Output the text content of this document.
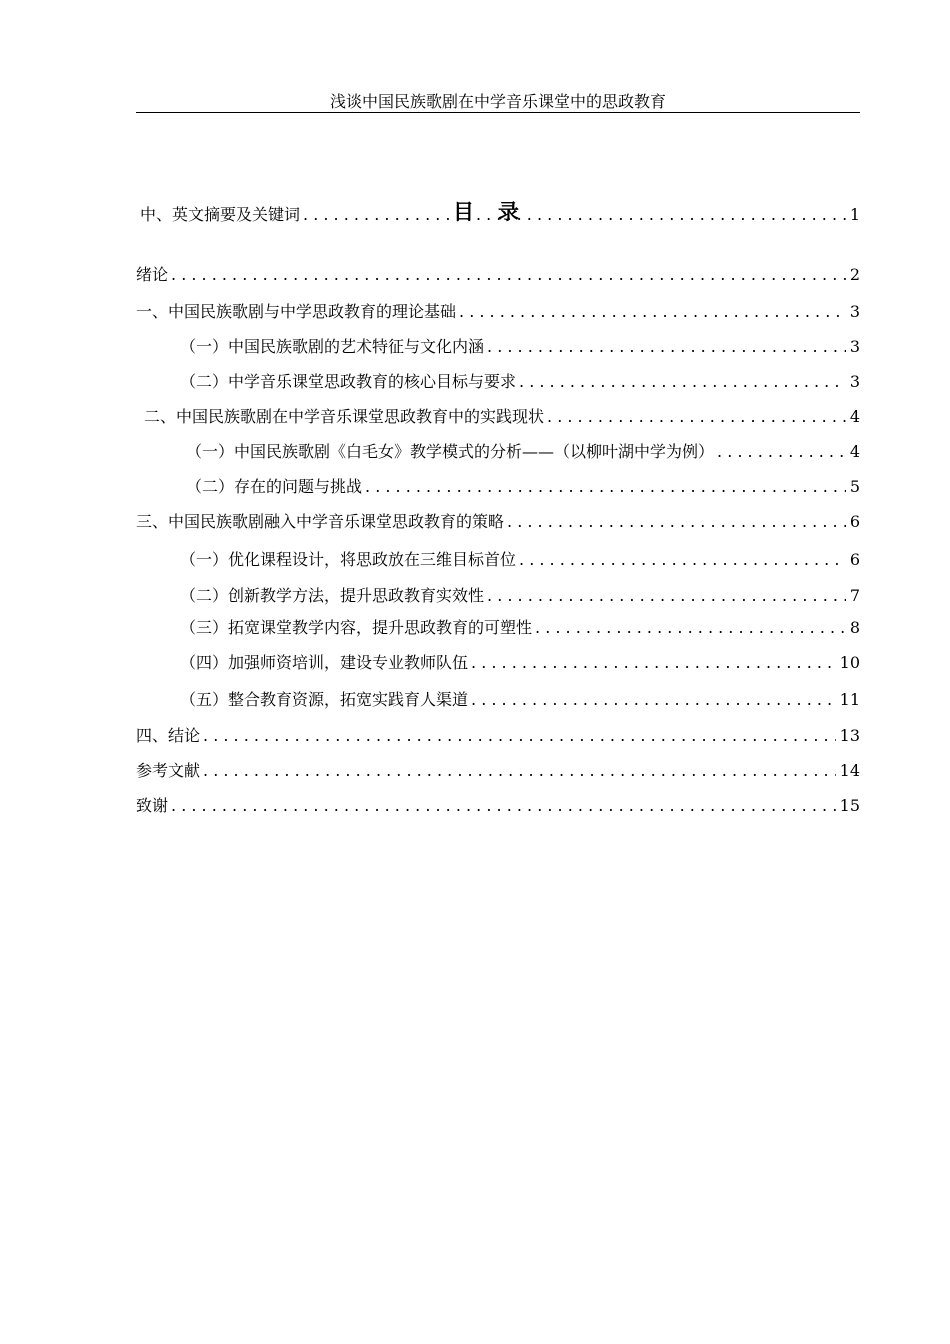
浅谈中国民族歌剧在中学音乐课堂中的思政教育
目录
中、英文摘要及关键词 . . .	1
绪论 . . .	2
一、中国民族歌剧与中学思政教育的理论基础 . . .	3
（一）中国民族歌剧的艺术特征与文化内涵 . . .	3
（二）中学音乐课堂思政教育的核心目标与要求 . . .	3
二、中国民族歌剧在中学音乐课堂思政教育中的实践现状 . . .	4
（一）中国民族歌剧《白毛女》教学模式的分析——（以柳叶湖中学为例） . . .	4
（二）存在的问题与挑战 . . .	5
三、中国民族歌剧融入中学音乐课堂思政教育的策略 . . .	6
（一）优化课程设计，将思政放在三维目标首位 . . .	6
（二）创新教学方法，提升思政教育实效性 . . .	7
（三）拓宽课堂教学内容，提升思政教育的可塑性 . . .	8
（四）加强师资培训，建设专业教师队伍 . . .	10
（五）整合教育资源，拓宽实践育人渠道 . . .	11
四、结论 . . .	13
参考文献 . . .	14
致谢 . . .	15
